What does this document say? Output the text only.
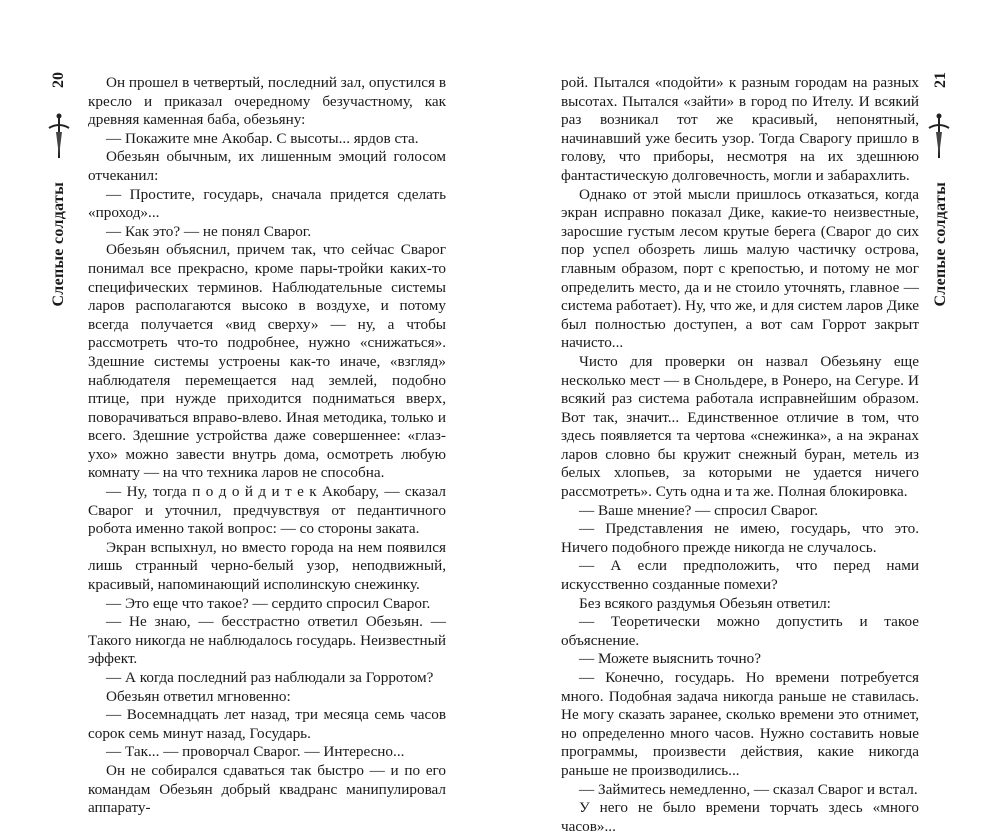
20
Слепые солдаты

Он прошел в четвертый, последний зал, опустился в кресло и приказал очередному безучастному, как древняя каменная баба, обезьяну:

— Покажите мне Акобар. С высоты... ярдов ста.

Обезьян обычным, их лишенным эмоций голосом отчеканил:

— Простите, государь, сначала придется сделать «проход»...

— Как это? — не понял Сварог.

Обезьян объяснил, причем так, что сейчас Сварог понимал все прекрасно, кроме пары-тройки каких-то специфических терминов. Наблюдательные системы ларов располагаются высоко в воздухе, и потому всегда получается «вид сверху» — ну, а чтобы рассмотреть что-то подробнее, нужно «снижаться». Здешние системы устроены как-то иначе, «взгляд» наблюдателя перемещается над землей, подобно птице, при нужде приходится подниматься вверх, поворачиваться вправо-влево. Иная методика, только и всего. Здешние устройства даже совершеннее: «глаз-ухо» можно завести внутрь дома, осмотреть любую комнату — на что техника ларов не способна.

— Ну, тогда п о д о й д и т е к Акобару, — сказал Сварог и уточнил, предчувствуя от педантичного робота именно такой вопрос: — со стороны заката.

Экран вспыхнул, но вместо города на нем появился лишь странный черно-белый узор, неподвижный, красивый, напоминающий исполинскую снежинку.

— Это еще что такое? — сердито спросил Сварог.

— Не знаю, — бесстрастно ответил Обезьян. — Такого никогда не наблюдалось государь. Неизвестный эффект.

— А когда последний раз наблюдали за Горротом?

Обезьян ответил мгновенно:

— Восемнадцать лет назад, три месяца семь часов сорок семь минут назад, Государь.

— Так... — проворчал Сварог. — Интересно...

Он не собирался сдаваться так быстро — и по его командам Обезьян добрый квадранс манипулировал аппарату-

рой. Пытался «подойти» к разным городам на разных высотах. Пытался «зайти» в город по Ителу. И всякий раз возникал тот же красивый, непонятный, начинавший уже бесить узор. Тогда Сварогу пришло в голову, что приборы, несмотря на их здешнюю фантастическую долговечность, могли и забарахлить.

Однако от этой мысли пришлось отказаться, когда экран исправно показал Дике, какие-то неизвестные, заросшие густым лесом крутые берега (Сварог до сих пор успел обозреть лишь малую частичку острова, главным образом, порт с крепостью, и потому не мог определить место, да и не стоило уточнять, главное — система работает). Ну, что же, и для систем ларов Дике был полностью доступен, а вот сам Горрот закрыт начисто...

Чисто для проверки он назвал Обезьяну еще несколько мест — в Снольдере, в Ронеро, на Сегуре. И всякий раз система работала исправнейшим образом. Вот так, значит... Единственное отличие в том, что здесь появляется та чертова «снежинка», а на экранах ларов словно бы кружит снежный буран, метель из белых хлопьев, за которыми не удается ничего рассмотреть». Суть одна и та же. Полная блокировка.

— Ваше мнение? — спросил Сварог.

— Представления не имею, государь, что это. Ничего подобного прежде никогда не случалось.

— А если предположить, что перед нами искусственно созданные помехи?

Без всякого раздумья Обезьян ответил:

— Теоретически можно допустить и такое объяснение.

— Можете выяснить точно?

— Конечно, государь. Но времени потребуется много. Подобная задача никогда раньше не ставилась. Не могу сказать заранее, сколько времени это отнимет, но определенно много часов. Нужно составить новые программы, произвести действия, какие никогда раньше не производились...

— Займитесь немедленно, — сказал Сварог и встал.

У него не было времени торчать здесь «много часов»...

21
Слепые солдаты
